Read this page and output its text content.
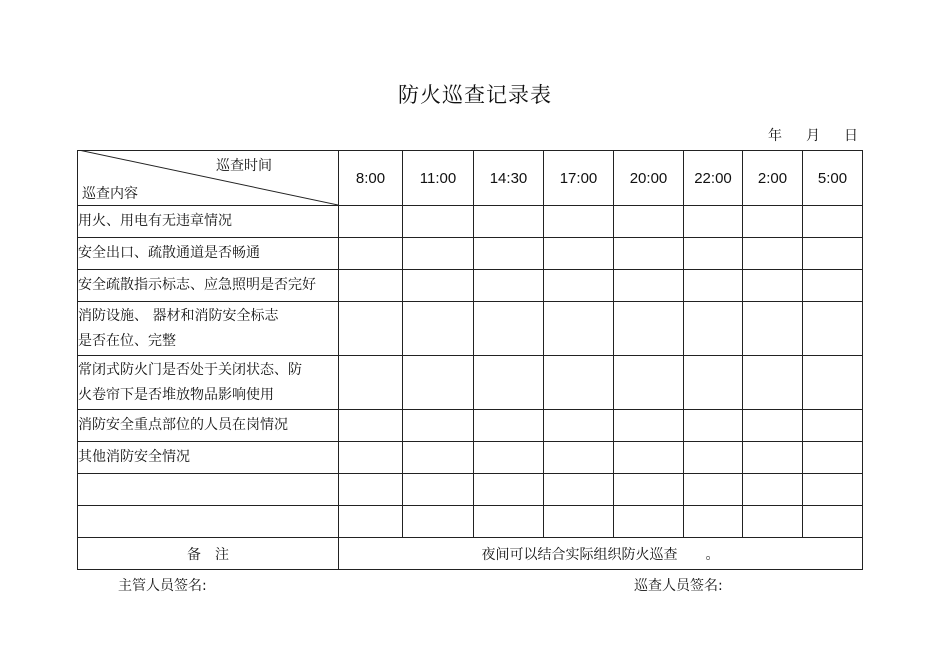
防火巡查记录表
年	月	日
巡查时间
巡查内容	8:00	11:00	14:30	17:00	20:00	22:00	2:00	5:00

用火、用电有无违章情况								

安全出口、疏散通道是否畅通								

安全疏散指示标志、应急照明是否完好								

消防设施、 器材和消防安全标志
是否在位、完整								

常闭式防火门是否处于关闭状态、防
火卷帘下是否堆放物品影响使用								

消防安全重点部位的人员在岗情况								

其他消防安全情况								

备　注	夜间可以结合实际组织防火巡查　　。							
主管人员签名:	巡查人员签名:
